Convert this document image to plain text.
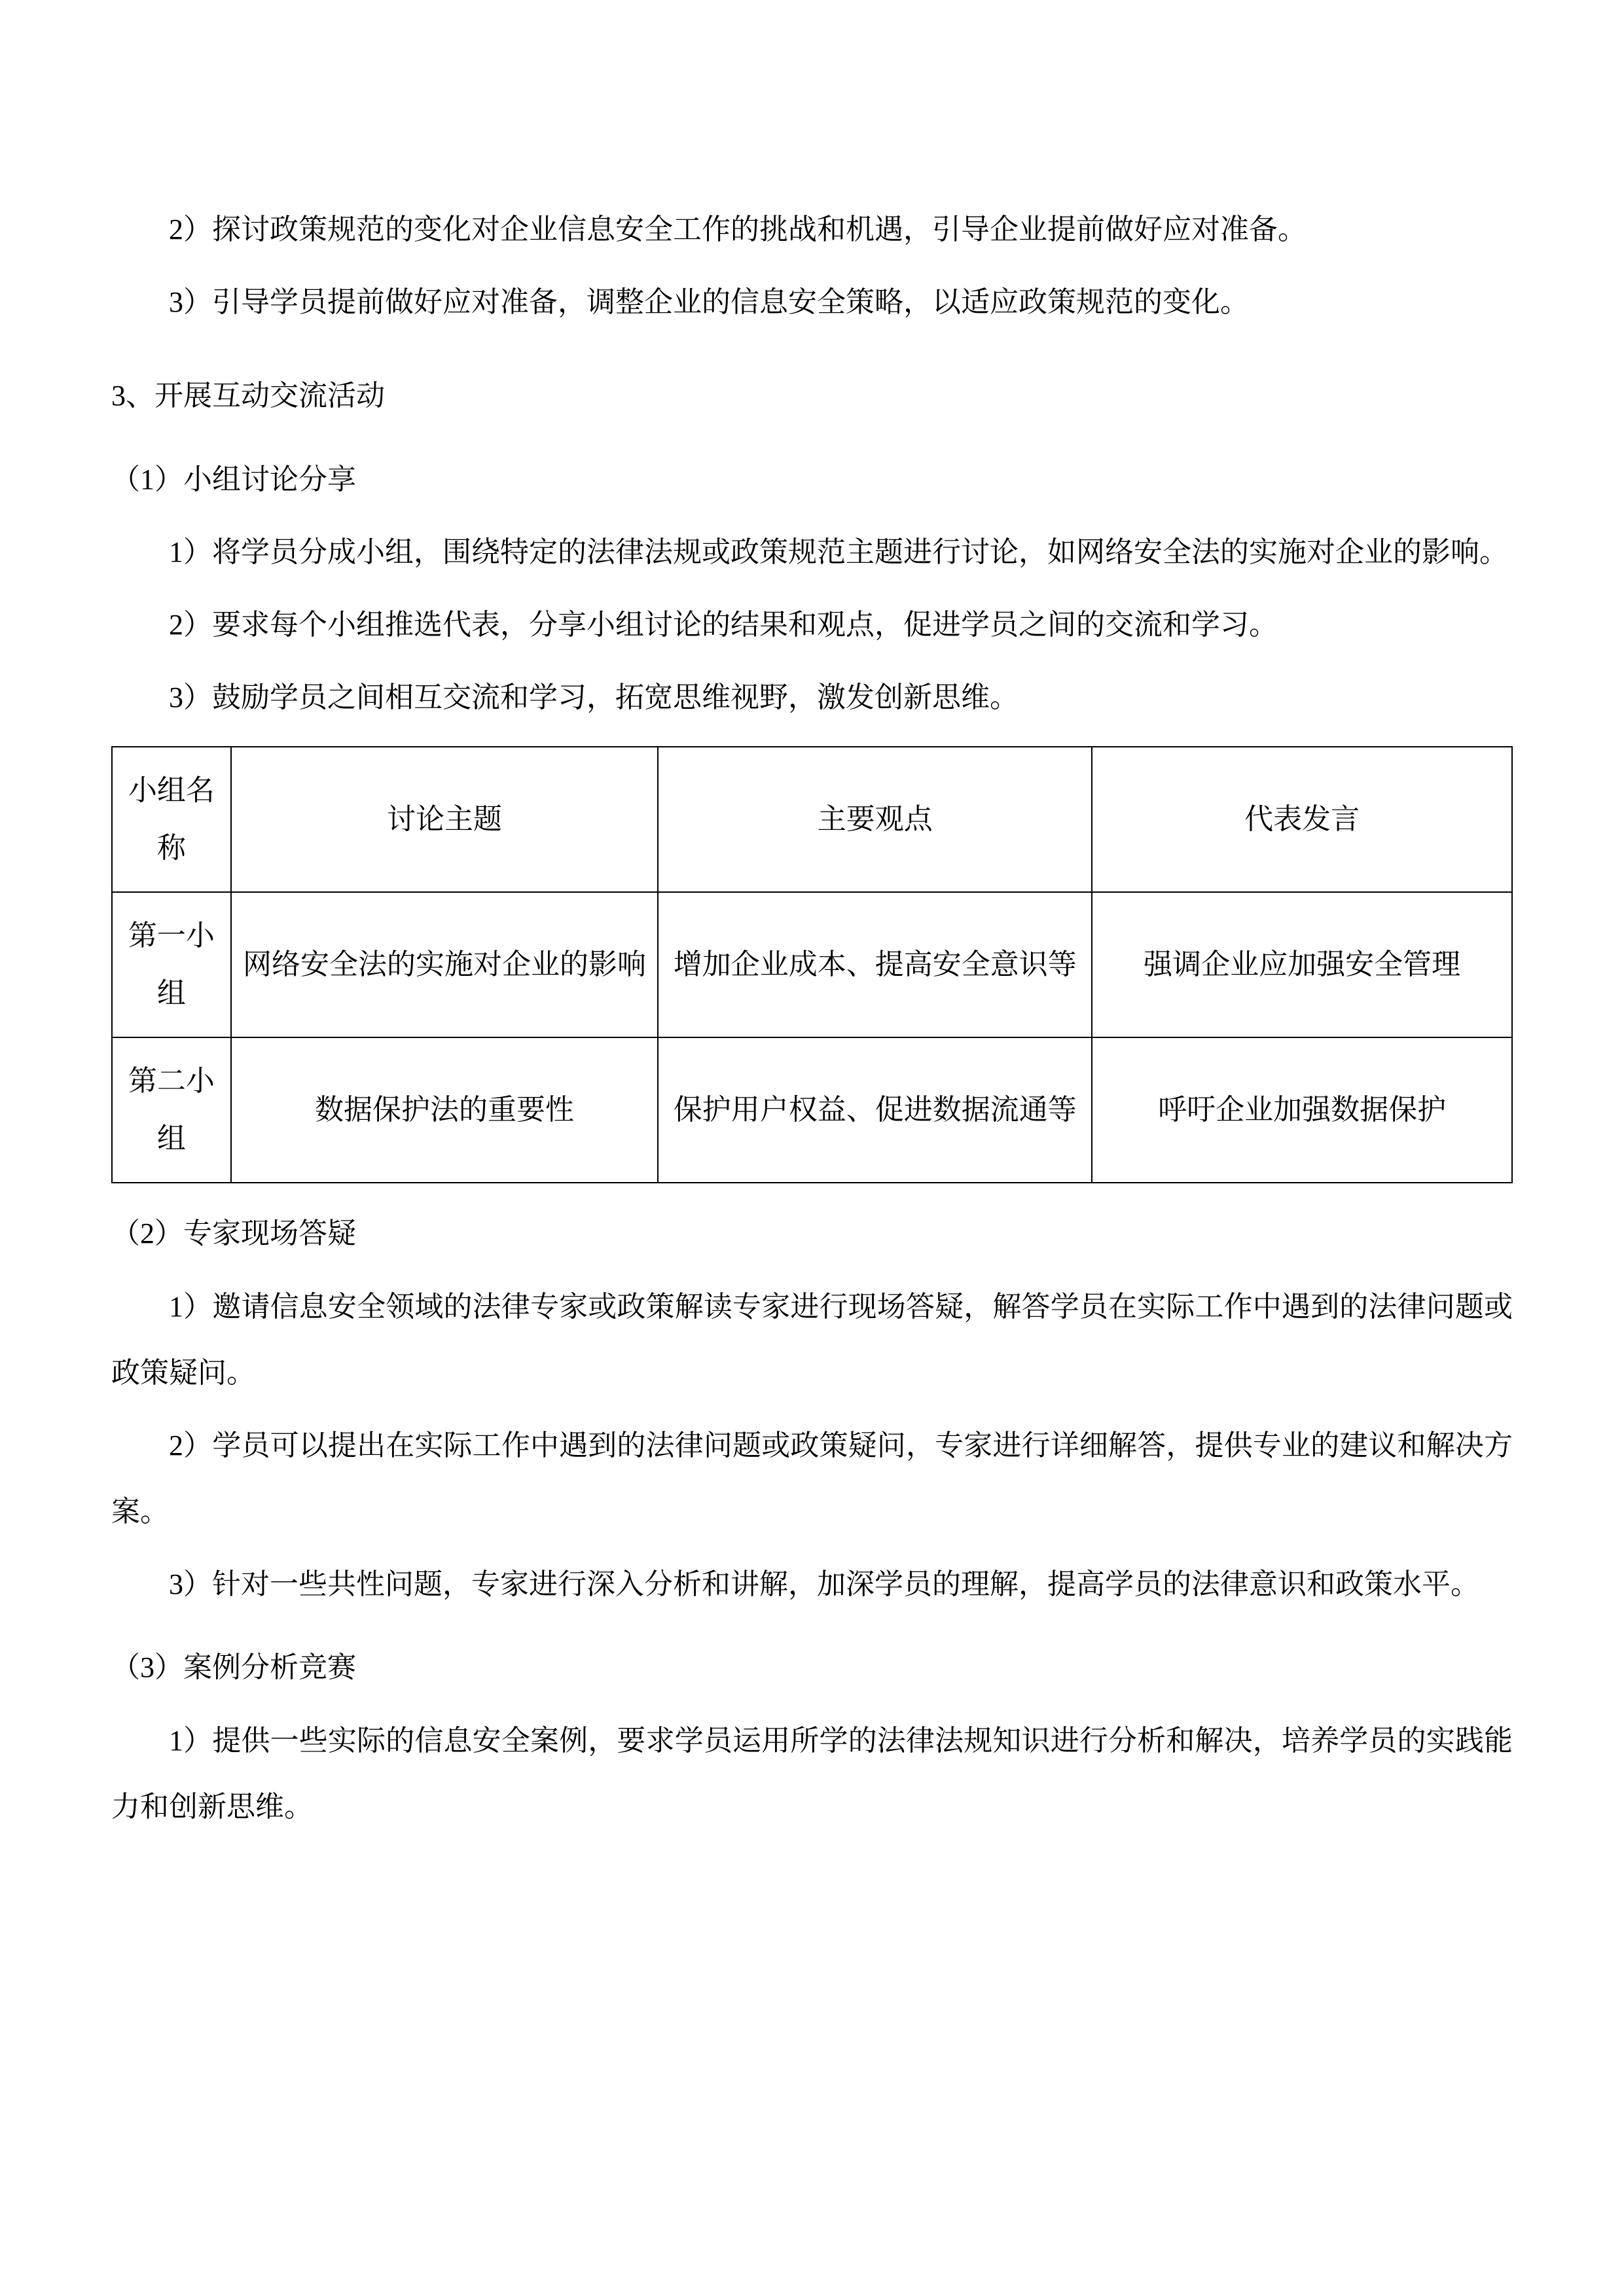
2）探讨政策规范的变化对企业信息安全工作的挑战和机遇，引导企业提前做好应对准备。

3）引导学员提前做好应对准备，调整企业的信息安全策略，以适应政策规范的变化。

3、开展互动交流活动

（1）小组讨论分享

1）将学员分成小组，围绕特定的法律法规或政策规范主题进行讨论，如网络安全法的实施对企业的影响。

2）要求每个小组推选代表，分享小组讨论的结果和观点，促进学员之间的交流和学习。

3）鼓励学员之间相互交流和学习，拓宽思维视野，激发创新思维。

小组名称	讨论主题	主要观点	代表发言
第一小组	网络安全法的实施对企业的影响	增加企业成本、提高安全意识等	强调企业应加强安全管理
第二小组	数据保护法的重要性	保护用户权益、促进数据流通等	呼吁企业加强数据保护

（2）专家现场答疑

1）邀请信息安全领域的法律专家或政策解读专家进行现场答疑，解答学员在实际工作中遇到的法律问题或政策疑问。

2）学员可以提出在实际工作中遇到的法律问题或政策疑问，专家进行详细解答，提供专业的建议和解决方案。

3）针对一些共性问题，专家进行深入分析和讲解，加深学员的理解，提高学员的法律意识和政策水平。

（3）案例分析竞赛

1）提供一些实际的信息安全案例，要求学员运用所学的法律法规知识进行分析和解决，培养学员的实践能力和创新思维。
